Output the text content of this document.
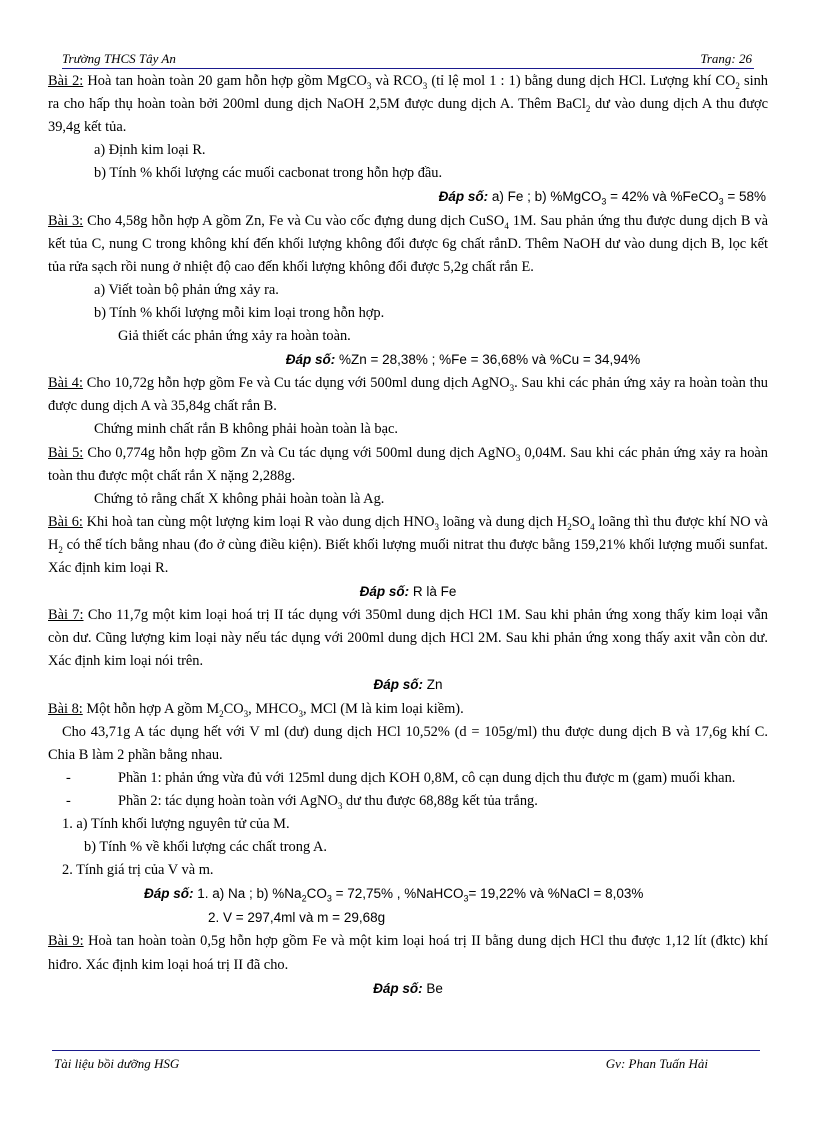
Trường THCS Tây An	Trang: 26

Bài 2: Hoà tan hoàn toàn 20 gam hỗn hợp gồm MgCO$_3$ và $RCO_3$ (tỉ lệ mol 1 : 1) bằng dung dịch HCl. Lượng khí $CO_2$ sinh ra cho hấp thụ hoàn toàn bởi 200ml dung dịch NaOH 2,5M được dung dịch A. Thêm BaCl$_2$ dư vào dung dịch A thu được 39,4g kết tủa.

a) Định kim loại R.

b) Tính % khối lượng các muối cacbonat trong hỗn hợp đầu.

Đáp số: a) Fe ; b) %MgCO$_3$ = 42% và %FeCO$_3$ = 58%

Bài 3: Cho 4,58g hỗn hợp A gồm Zn, Fe và Cu vào cốc đựng dung dịch CuSO$_4$ 1M. Sau phản ứng thu được dung dịch B và kết tủa C, nung C trong không khí đến khối lượng không đổi được 6g chất rắnD. Thêm NaOH dư vào dung dịch B, lọc kết tủa rửa sạch rồi nung ở nhiệt độ cao đến khối lượng không đổi được 5,2g chất rắn E.

a) Viết toàn bộ phản ứng xảy ra.

b) Tính % khối lượng mỗi kim loại trong hỗn hợp.

Giả thiết các phản ứng xảy ra hoàn toàn.

Đáp số: %Zn = 28,38% ; %Fe = 36,68% và %Cu = 34,94%

Bài 4: Cho 10,72g hỗn hợp gồm Fe và Cu tác dụng với 500ml dung dịch AgNO$_3$. Sau khi các phản ứng xảy ra hoàn toàn thu được dung dịch A và 35,84g chất rắn B.

Chứng minh chất rắn B không phải hoàn toàn là bạc.

Bài 5: Cho 0,774g hỗn hợp gồm Zn và Cu tác dụng với 500ml dung dịch AgNO$_3$ 0,04M. Sau khi các phản ứng xảy ra hoàn toàn thu được một chất rắn X nặng 2,288g.

Chứng tỏ rằng chất X không phải hoàn toàn là Ag.

Bài 6: Khi hoà tan cùng một lượng kim loại R vào dung dịch $HNO_3$ loãng và dung dịch $H_2SO_4$ loãng thì thu được khí NO và $H_2$ có thể tích bằng nhau (đo ở cùng điều kiện). Biết khối lượng muối nitrat thu được bằng 159,21% khối lượng muối sunfat. Xác định kim loại R.

Đáp số: R là Fe

Bài 7: Cho 11,7g một kim loại hoá trị II tác dụng với 350ml dung dịch HCl 1M. Sau khi phản ứng xong thấy kim loại vẫn còn dư. Cũng lượng kim loại này nếu tác dụng với 200ml dung dịch HCl 2M. Sau khi phản ứng xong thấy axit vẫn còn dư. Xác định kim loại nói trên.

Đáp số: Zn

Bài 8: Một hỗn hợp A gồm $M_2CO_3$, $MHCO_3$, MCl (M là kim loại kiềm).

Cho 43,71g A tác dụng hết với V ml (dư) dung dịch HCl 10,52% (d = 105g/ml) thu được dung dịch B và 17,6g khí C. Chia B làm 2 phần bằng nhau.

-	Phần 1: phản ứng vừa đủ với 125ml dung dịch KOH 0,8M, cô cạn dung dịch thu được m (gam) muối khan.

-	Phần 2: tác dụng hoàn toàn với AgNO$_3$ dư thu được 68,88g kết tủa trắng.

1. a) Tính khối lượng nguyên tử của M.

b) Tính % về khối lượng các chất trong A.

2. Tính giá trị của V và m.

Đáp số: 1. a) Na ; b) $\%Na_2CO_3 = 72,75\%$ , %NaHCO$_3$= 19,22% và %NaCl = 8,03%

2. V = 297,4ml và m = 29,68g

Bài 9: Hoà tan hoàn toàn 0,5g hỗn hợp gồm Fe và một kim loại hoá trị II bằng dung dịch HCl thu được 1,12 lít (đktc) khí hiđro. Xác định kim loại hoá trị II đã cho.

Đáp số: Be

Tài liệu bồi dưỡng HSG	Gv: Phan Tuấn Hải
